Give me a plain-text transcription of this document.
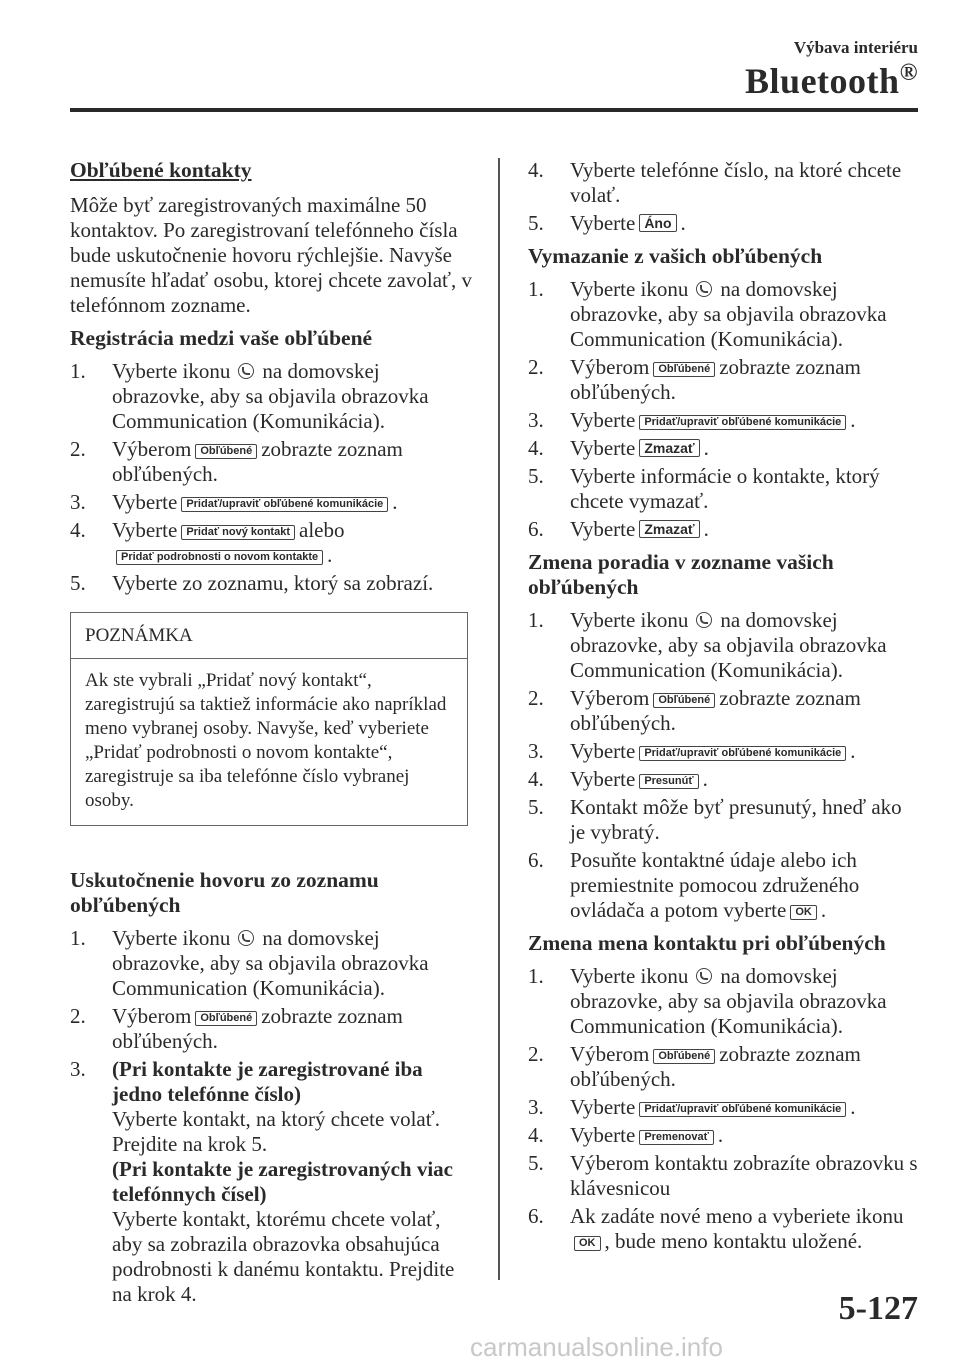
Výbava interiéru
Bluetooth®
Obľúbené kontakty

Môže byť zaregistrovaných maximálne 50 kontaktov. Po zaregistrovaní telefónneho čísla bude uskutočnenie hovoru rýchlejšie. Navyše nemusíte hľadať osobu, ktorej chcete zavolať, v telefónnom zozname.

Registrácia medzi vaše obľúbené
1. Vyberte ikonu na domovskej obrazovke, aby sa objavila obrazovka Communication (Komunikácia).
2. Výberom Obľúbené zobrazte zoznam obľúbených.
3. Vyberte Pridať/upraviť obľúbené komunikácie .
4. Vyberte Pridať nový kontakt alebo
Pridať podrobnosti o novom kontakte .
5. Vyberte zo zoznamu, ktorý sa zobrazí.
POZNÁMKA
Ak ste vybrali „Pridať nový kontakt“, zaregistrujú sa taktiež informácie ako napríklad meno vybranej osoby. Navyše, keď vyberiete „Pridať podrobnosti o novom kontakte“, zaregistruje sa iba telefónne číslo vybranej osoby.
Uskutočnenie hovoru zo zoznamu obľúbených
1. Vyberte ikonu na domovskej obrazovke, aby sa objavila obrazovka Communication (Komunikácia).
2. Výberom Obľúbené zobrazte zoznam obľúbených.
3. (Pri kontakte je zaregistrované iba jedno telefónne číslo)
Vyberte kontakt, na ktorý chcete volať. Prejdite na krok 5.
(Pri kontakte je zaregistrovaných viac telefónnych čísel)
Vyberte kontakt, ktorému chcete volať, aby sa zobrazila obrazovka obsahujúca podrobnosti k danému kontaktu. Prejdite na krok 4.
4. Vyberte telefónne číslo, na ktoré chcete volať.
5. Vyberte Áno .
Vymazanie z vašich obľúbených
1. Vyberte ikonu na domovskej obrazovke, aby sa objavila obrazovka Communication (Komunikácia).
2. Výberom Obľúbené zobrazte zoznam obľúbených.
3. Vyberte Pridať/upraviť obľúbené komunikácie .
4. Vyberte Zmazať .
5. Vyberte informácie o kontakte, ktorý chcete vymazať.
6. Vyberte Zmazať .
Zmena poradia v zozname vašich obľúbených
1. Vyberte ikonu na domovskej obrazovke, aby sa objavila obrazovka Communication (Komunikácia).
2. Výberom Obľúbené zobrazte zoznam obľúbených.
3. Vyberte Pridať/upraviť obľúbené komunikácie .
4. Vyberte Presunúť .
5. Kontakt môže byť presunutý, hneď ako je vybratý.
6. Posuňte kontaktné údaje alebo ich premiestnite pomocou združeného ovládača a potom vyberte OK .
Zmena mena kontaktu pri obľúbených
1. Vyberte ikonu na domovskej obrazovke, aby sa objavila obrazovka Communication (Komunikácia).
2. Výberom Obľúbené zobrazte zoznam obľúbených.
3. Vyberte Pridať/upraviť obľúbené komunikácie .
4. Vyberte Premenovať .
5. Výberom kontaktu zobrazíte obrazovku s klávesnicou
6. Ak zadáte nové meno a vyberiete ikonu
OK , bude meno kontaktu uložené.
5-127
carmanualsonline.info
